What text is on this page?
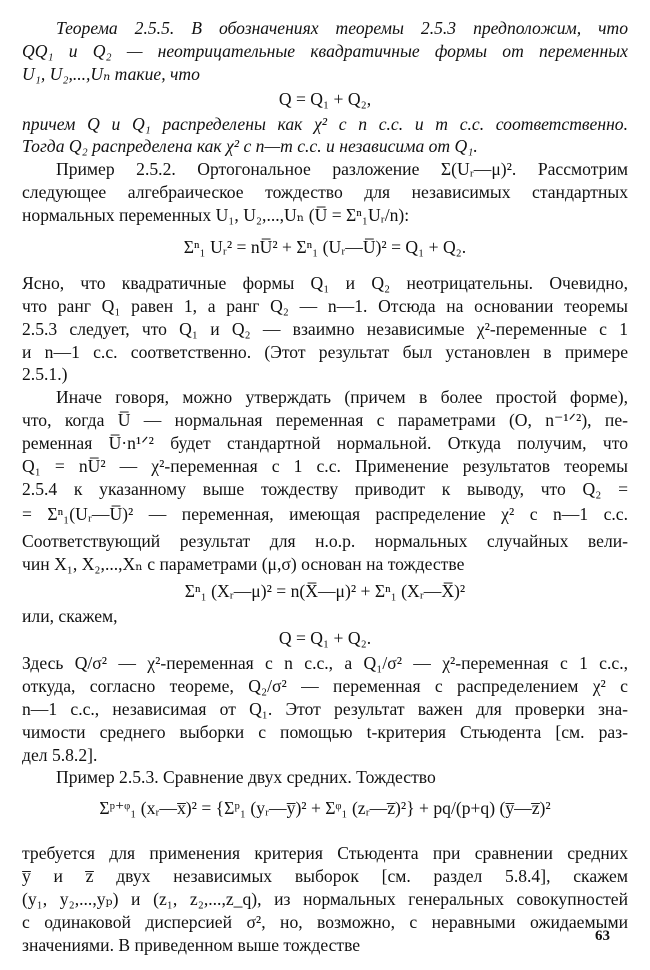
Теорема 2.5.5. В обозначениях теоремы 2.5.3 предположим, что
QQ₁ и Q₂ — неотрицательные квадратичные формы от переменных
U₁, U₂,...,Uₙ такие, что
Q = Q₁ + Q₂,
причем Q и Q₁ распределены как χ² с n с.с. и m с.с. соответственно.
Тогда Q₂ распределена как χ² с n—m с.с. и независима от Q₁.
Пример 2.5.2. Ортогональное разложение Σ(Uᵣ—μ)². Рассмотрим
следующее алгебраическое тождество для независимых стандартных
нормальных переменных U₁, U₂,...,Uₙ (U̅ = Σⁿ₁Uᵣ/n):
Σⁿ₁ Uᵣ² = nU̅² + Σⁿ₁ (Uᵣ—U̅)² = Q₁ + Q₂.
Ясно, что квадратичные формы Q₁ и Q₂ неотрицательны. Очевидно,
что ранг Q₁ равен 1, а ранг Q₂ — n—1. Отсюда на основании теоремы
2.5.3 следует, что Q₁ и Q₂ — взаимно независимые χ²-переменные с 1
и n—1 с.с. соответственно. (Этот результат был установлен в примере
2.5.1.)
Иначе говоря, можно утверждать (причем в более простой форме),
что, когда U̅ — нормальная переменная с параметрами (O, n⁻¹ᐟ²), пе-
ременная U̅·n¹ᐟ² будет стандартной нормальной. Откуда получим, что
Q₁ = nU̅² — χ²-переменная с 1 с.с. Применение результатов теоремы
2.5.4 к указанному выше тождеству приводит к выводу, что Q₂ =
= Σⁿ₁(Uᵣ—U̅)² — переменная, имеющая распределение χ² с n—1 с.с.
Соответствующий результат для н.о.р. нормальных случайных вели-
чин X₁, X₂,...,Xₙ с параметрами (μ,σ) основан на тождестве
Σⁿ₁ (Xᵣ—μ)² = n(X̅—μ)² + Σⁿ₁ (Xᵣ—X̅)²
или, скажем,
Q = Q₁ + Q₂.
Здесь Q/σ² — χ²-переменная с n с.с., а Q₁/σ² — χ²-переменная с 1 с.с.,
откуда, согласно теореме, Q₂/σ² — переменная с распределением χ² с
n—1 с.с., независимая от Q₁. Этот результат важен для проверки зна-
чимости среднего выборки с помощью t-критерия Стьюдента [см. раз-
дел 5.8.2].
Пример 2.5.3. Сравнение двух средних. Тождество
Σᵖ⁺ᵠ₁ (xᵣ—x̅)² = {Σᵖ₁ (yᵣ—y̅)² + Σᵠ₁ (zᵣ—z̅)²} + pq/(p+q) (y̅—z̅)²
требуется для применения критерия Стьюдента при сравнении средних
y̅ и z̅ двух независимых выборок [см. раздел 5.8.4], скажем
(y₁, y₂,...,yₚ) и (z₁, z₂,...,z_q), из нормальных генеральных совокупностей
с одинаковой дисперсией σ², но, возможно, с неравными ожидаемыми
значениями. В приведенном выше тождестве	63
